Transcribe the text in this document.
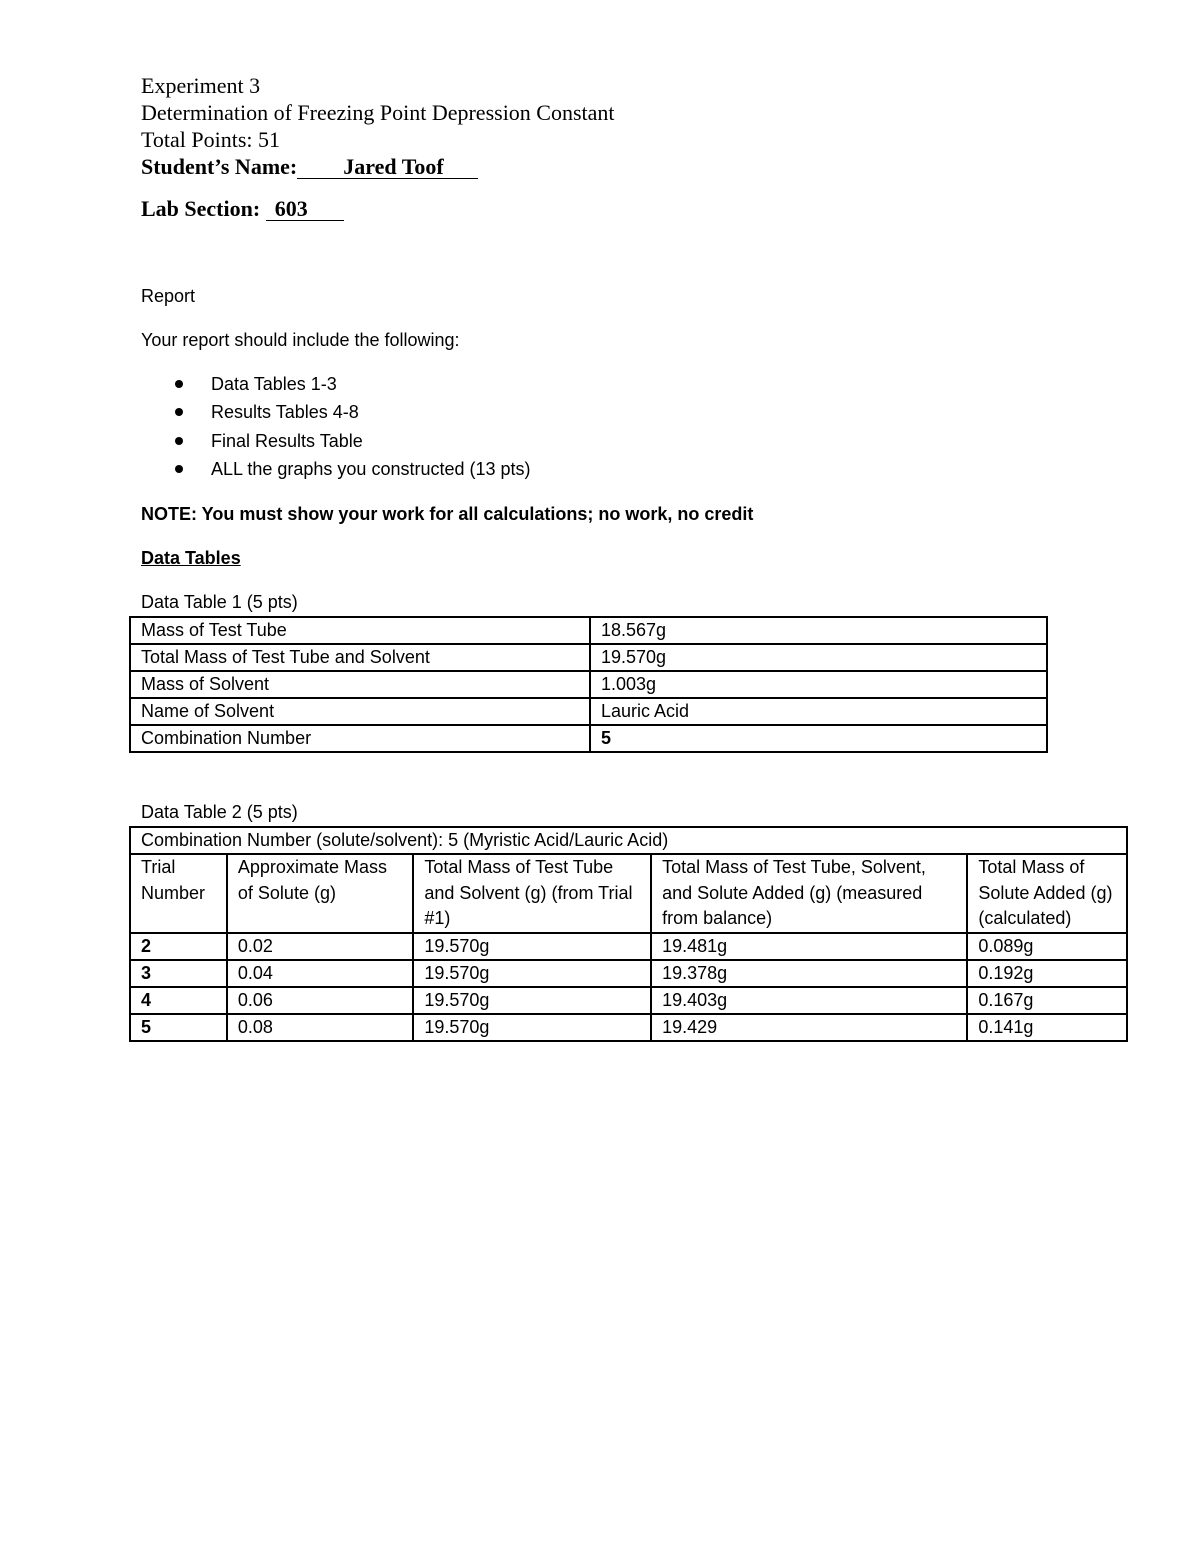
Experiment 3
Determination of Freezing Point Depression Constant
Total Points: 51
Student’s Name: Jared Toof
Lab Section: 603
Report
Your report should include the following:
Data Tables 1-3
Results Tables 4-8
Final Results Table
ALL the graphs you constructed (13 pts)
NOTE: You must show your work for all calculations; no work, no credit
Data Tables
Data Table 1 (5 pts)
Mass of Test Tube	18.567g
Total Mass of Test Tube and Solvent	19.570g
Mass of Solvent	1.003g
Name of Solvent	Lauric Acid
Combination Number	5
Data Table 2 (5 pts)
Combination Number (solute/solvent): 5 (Myristic Acid/Lauric Acid)				
Trial Number	Approximate Mass of Solute (g)	Total Mass of Test Tube and Solvent (g) (from Trial #1)	Total Mass of Test Tube, Solvent, and Solute Added (g) (measured from balance)	Total Mass of Solute Added (g) (calculated)
2	0.02	19.570g	19.481g	0.089g
3	0.04	19.570g	19.378g	0.192g
4	0.06	19.570g	19.403g	0.167g
5	0.08	19.570g	19.429	0.141g
